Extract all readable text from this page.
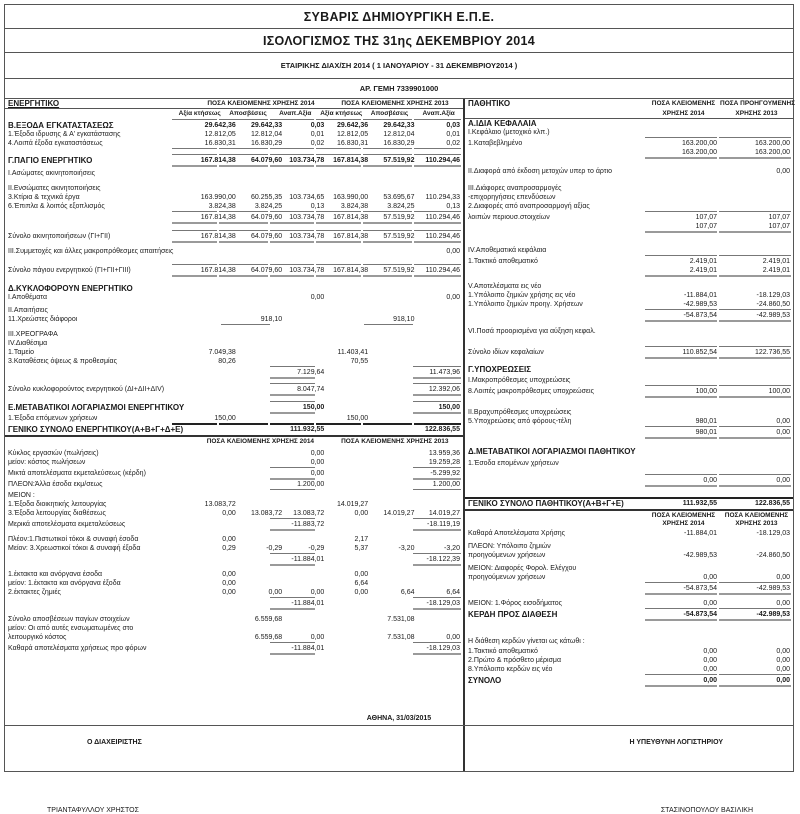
ΣΥΒΑΡΙΣ ΔΗΜΙΟΥΡΓΙΚΗ Ε.Π.Ε.
ΙΣΟΛΟΓΙΣΜΟΣ ΤΗΣ 31ης ΔΕΚΕΜΒΡΙΟΥ 2014
ΕΤΑΙΡΙΚΗΣ ΔΙΑΧ/ΣΗ 2014 ( 1 ΙΑΝΟΥΑΡΙΟΥ - 31 ΔΕΚΕΜΒΡΙΟΥ2014 )
ΑΡ. ΓΕΜΗ 7339901000
ΕΝΕΡΓΗΤΙΚΟ	ΠΟΣΑ ΚΛΕΙΟΜΕΝΗΣ ΧΡΗΣΗΣ 2014	ΠΟΣΑ ΚΛΕΙΟΜΕΝΗΣ ΧΡΗΣΗΣ 2013
Αξία κτήσεως	Αποσβέσεις	Αναπ.Αξία	Αξία κτήσεως	Αποσβέσεις	Αναπ.Αξία
Β.ΕΞΟΔΑ ΕΓΚΑΤΑΣΤΑΣΕΩΣ	29.642,36	29.642,33	0,03	29.642,36	29.642,33	0,03
1.Έξοδα ιδρυσης & Α' εγκατάστασης	12.812,05	12.812,04	0,01	12.812,05	12.812,04	0,01
4.Λοιπά έξοδα εγκαταστάσεως	16.830,31	16.830,29	0,02	16.830,31	16.830,29	0,02
Γ.ΠΑΓΙΟ ΕΝΕΡΓΗΤΙΚΟ	167.814,38	64.079,60	103.734,78	167.814,38	57.519,92	110.294,46
I.Ασώματες ακινητοποιήσεις
II.Ενσώματες ακινητοποιήσεις
3.Κτίρια & τεχνικά έργα	163.990,00	60.255,35	103.734,65	163.990,00	53.695,67	110.294,33
6.Έπιπλα & λοιπός εξοπλισμός	3.824,38	3.824,25	0,13	3.824,38	3.824,25	0,13
167.814,38	64.079,60	103.734,78	167.814,38	57.519,92	110.294,46
Σύνολο ακινητοποιήσεων (ΓΙ+ΓΙΙ)	167.814,38	64.079,60	103.734,78	167.814,38	57.519,92	110.294,46
III.Συμμετοχές και άλλες μακροπρόθεσμες απαιτήσεις	0,00
Σύνολο πάγιου ενεργητικού (ΓΙ+ΓΙΙ+ΓΙΙΙ)	167.814,38	64.079,60	103.734,78	167.814,38	57.519,92	110.294,46
Δ.ΚΥΚΛΟΦΟΡΟΥΝ ΕΝΕΡΓΗΤΙΚΟ
I.Αποθέματα	0,00	0,00
II.Απαιτήσεις
11.Χρεώστες διάφοροι	918,10	918,10
III.ΧΡΕΟΓΡΑΦΑ
IV.Διαθέσιμα
1.Ταμείο	7.049,38	11.403,41
3.Καταθέσεις όψεως & προθεσμίας	80,26	70,55
7.129,64	11.473,96
Σύνολο κυκλοφορούντος ενεργητικού (ΔΙ+ΔΙΙ+ΔΙV)	8.047,74	12.392,06
Ε.ΜΕΤΑΒΑΤΙΚΟΙ ΛΟΓΑΡΙΑΣΜΟΙ ΕΝΕΡΓΗΤΙΚΟΥ	150,00	150,00
1.Έξοδα επόμενων χρήσεων	150,00	150,00
ΓΕΝΙΚΟ ΣΥΝΟΛΟ ΕΝΕΡΓΗΤΙΚΟΥ(Α+Β+Γ+Δ+Ε)	111.932,55	122.836,55
ΠΟΣΑ ΚΛΕΙΟΜΕΝΗΣ ΧΡΗΣΗΣ 2014	ΠΟΣΑ ΚΛΕΙΟΜΕΝΗΣ ΧΡΗΣΗΣ 2013
Κύκλος εργασιών (πωλήσεις)	0,00	13.959,36
μείον: κόστος πωλήσεων	0,00	19.259,28
Μικτά αποτελέσματα εκμεταλεύσεως (κέρδη)	0,00	-5.299,92
ΠΛΕΟΝ:Άλλα έσοδα εκμ/σεως	1.200,00	1.200,00
ΜΕΙΟΝ :
1.Έξοδα διοικητικής λειτουργίας	13.083,72	14.019,27
3.Έξοδα λειτουργίας διαθέσεως	0,00	13.083,72	13.083,72	0,00	14.019,27	14.019,27
Μερικά αποτελέσματα εκμεταλεύσεως	-11.883,72	-18.119,19
Πλέον:1.Πιστωτικοί τόκοι & συναφή έσοδα	0,00	2,17
Μείον: 3.Χρεωστικοί τόκοι & συναφή έξοδα	0,29	-0,29	-0,29	5,37	-3,20	-3,20
-11.884,01	-18.122,39
1.έκτακτα και ανόργανα έσοδα	0,00	0,00
μείον: 1.έκτακτα και ανόργανα έξοδα	0,00	6,64
2.έκτακτες ζημιές	0,00	0,00	0,00	0,00	6,64	6,64
-11.884,01	-18.129,03
Σύνολο αποσβέσεων παγίων στοιχείων	6.559,68	7.531,08
μείον: Οι από αυτές ενσωματωμένες στο
λειτουργικό κόστος	6.559,68	0,00	7.531,08	0,00
Καθαρά αποτελέσματα χρήσεως προ φόρων	-11.884,01	-18.129,03
ΠΑΘΗΤΙΚΟ	ΠΟΣΑ ΚΛΕΙΟΜΕΝΗΣ ΠΟΣΑ ΠΡΟΗΓΟΥΜΕΝΗΣ
ΧΡΗΣΗΣ 2014	ΧΡΗΣΗΣ 2013
Α.ΙΔΙΑ ΚΕΦΑΛΑΙΑ
I.Κεφάλαιο (μετοχικό κλπ.)
1.Καταβεβλημένο	163.200,00	163.200,00
163.200,00	163.200,00
II.Διαφορά από έκδοση μετοχών υπερ το άρτιο	0,00
III.Διάφορες αναπροσαρμογές
-επιχορηγήσεις επενδύσεων
2.Διαφορές από αναπροσαρμογή αξίας
λοιπών περιουσ.στοιχείων	107,07	107,07
107,07	107,07
IV.Αποθεματικά κεφάλαια
1.Τακτικό αποθεματικό	2.419,01	2.419,01
2.419,01	2.419,01
V.Αποτελέσματα εις νέο
1.Υπόλοιπο ζημιών χρήσης εις νέο	-11.884,01	-18.129,03
1.Υπόλοιπο ζημιών προηγ. Χρήσεων	-42.989,53	-24.860,50
-54.873,54	-42.989,53
VI.Ποσά προορισμένα για αύξηση κεφαλ.
Σύνολο ιδίων κεφαλαίων	110.852,54	122.736,55
Γ.ΥΠΟΧΡΕΩΣΕΙΣ
I.Μακροπρόθεσμες υποχρεώσεις
8.Λοιπές μακροπρόθεσμες υποχρεώσεις	100,00	100,00
II.Βραχυπρόθεσμες υποχρεώσεις
5.Υποχρεώσεις από φόρους-τέλη	980,01	0,00
980,01	0,00
Δ.ΜΕΤΑΒΑΤΙΚΟΙ ΛΟΓΑΡΙΑΣΜΟΙ ΠΑΘΗΤΙΚΟΥ
1.Έσοδα επομένων χρήσεων
0,00	0,00
ΓΕΝΙΚΟ ΣΥΝΟΛΟ ΠΑΘΗΤΙΚΟΥ(Α+Β+Γ+Ε)	111.932,55	122.836,55
ΠΟΣΑ ΚΛΕΙΟΜΕΝΗΣ	ΠΟΣΑ ΚΛΕΙΟΜΕΝΗΣ
ΧΡΗΣΗΣ 2014	ΧΡΗΣΗΣ 2013
Καθαρά Αποτελέσματα Χρήσης	-11.884,01	-18.129,03
ΠΛΕΟΝ: Υπόλοιπο ζημιών
προηγούμενων χρήσεων	-42.989,53	-24.860,50
ΜΕΙΟΝ: Διαφορές Φορολ. Ελέγχου
προηγούμενων χρήσεων	0,00	0,00
-54.873,54	-42.989,53
ΜΕΙΟΝ: 1.Φόρος εισοδήματος	0,00	0,00
ΚΕΡΔΗ ΠΡΟΣ ΔΙΑΘΕΣΗ	-54.873,54	-42.989,53
Η διάθεση κερδών γίνεται ως κάτωθι :
1.Τακτικό αποθεματικό	0,00	0,00
2.Πρώτο & πρόσθετο μέρισμα	0,00	0,00
8.Υπόλοιπο κερδών εις νέο	0,00	0,00
ΣΥΝΟΛΟ	0,00	0,00
ΑΘΗΝΑ, 31/03/2015
Ο ΔΙΑΧΕΙΡΙΣΤΗΣ	Η ΥΠΕΥΘΥΝΗ ΛΟΓΙΣΤΗΡΙΟΥ
ΤΡΙΑΝΤΑΦΥΛΛΟΥ ΧΡΗΣΤΟΣ	ΣΤΑΣΙΝΟΠΟΥΛΟΥ ΒΑΣΙΛΙΚΗ
